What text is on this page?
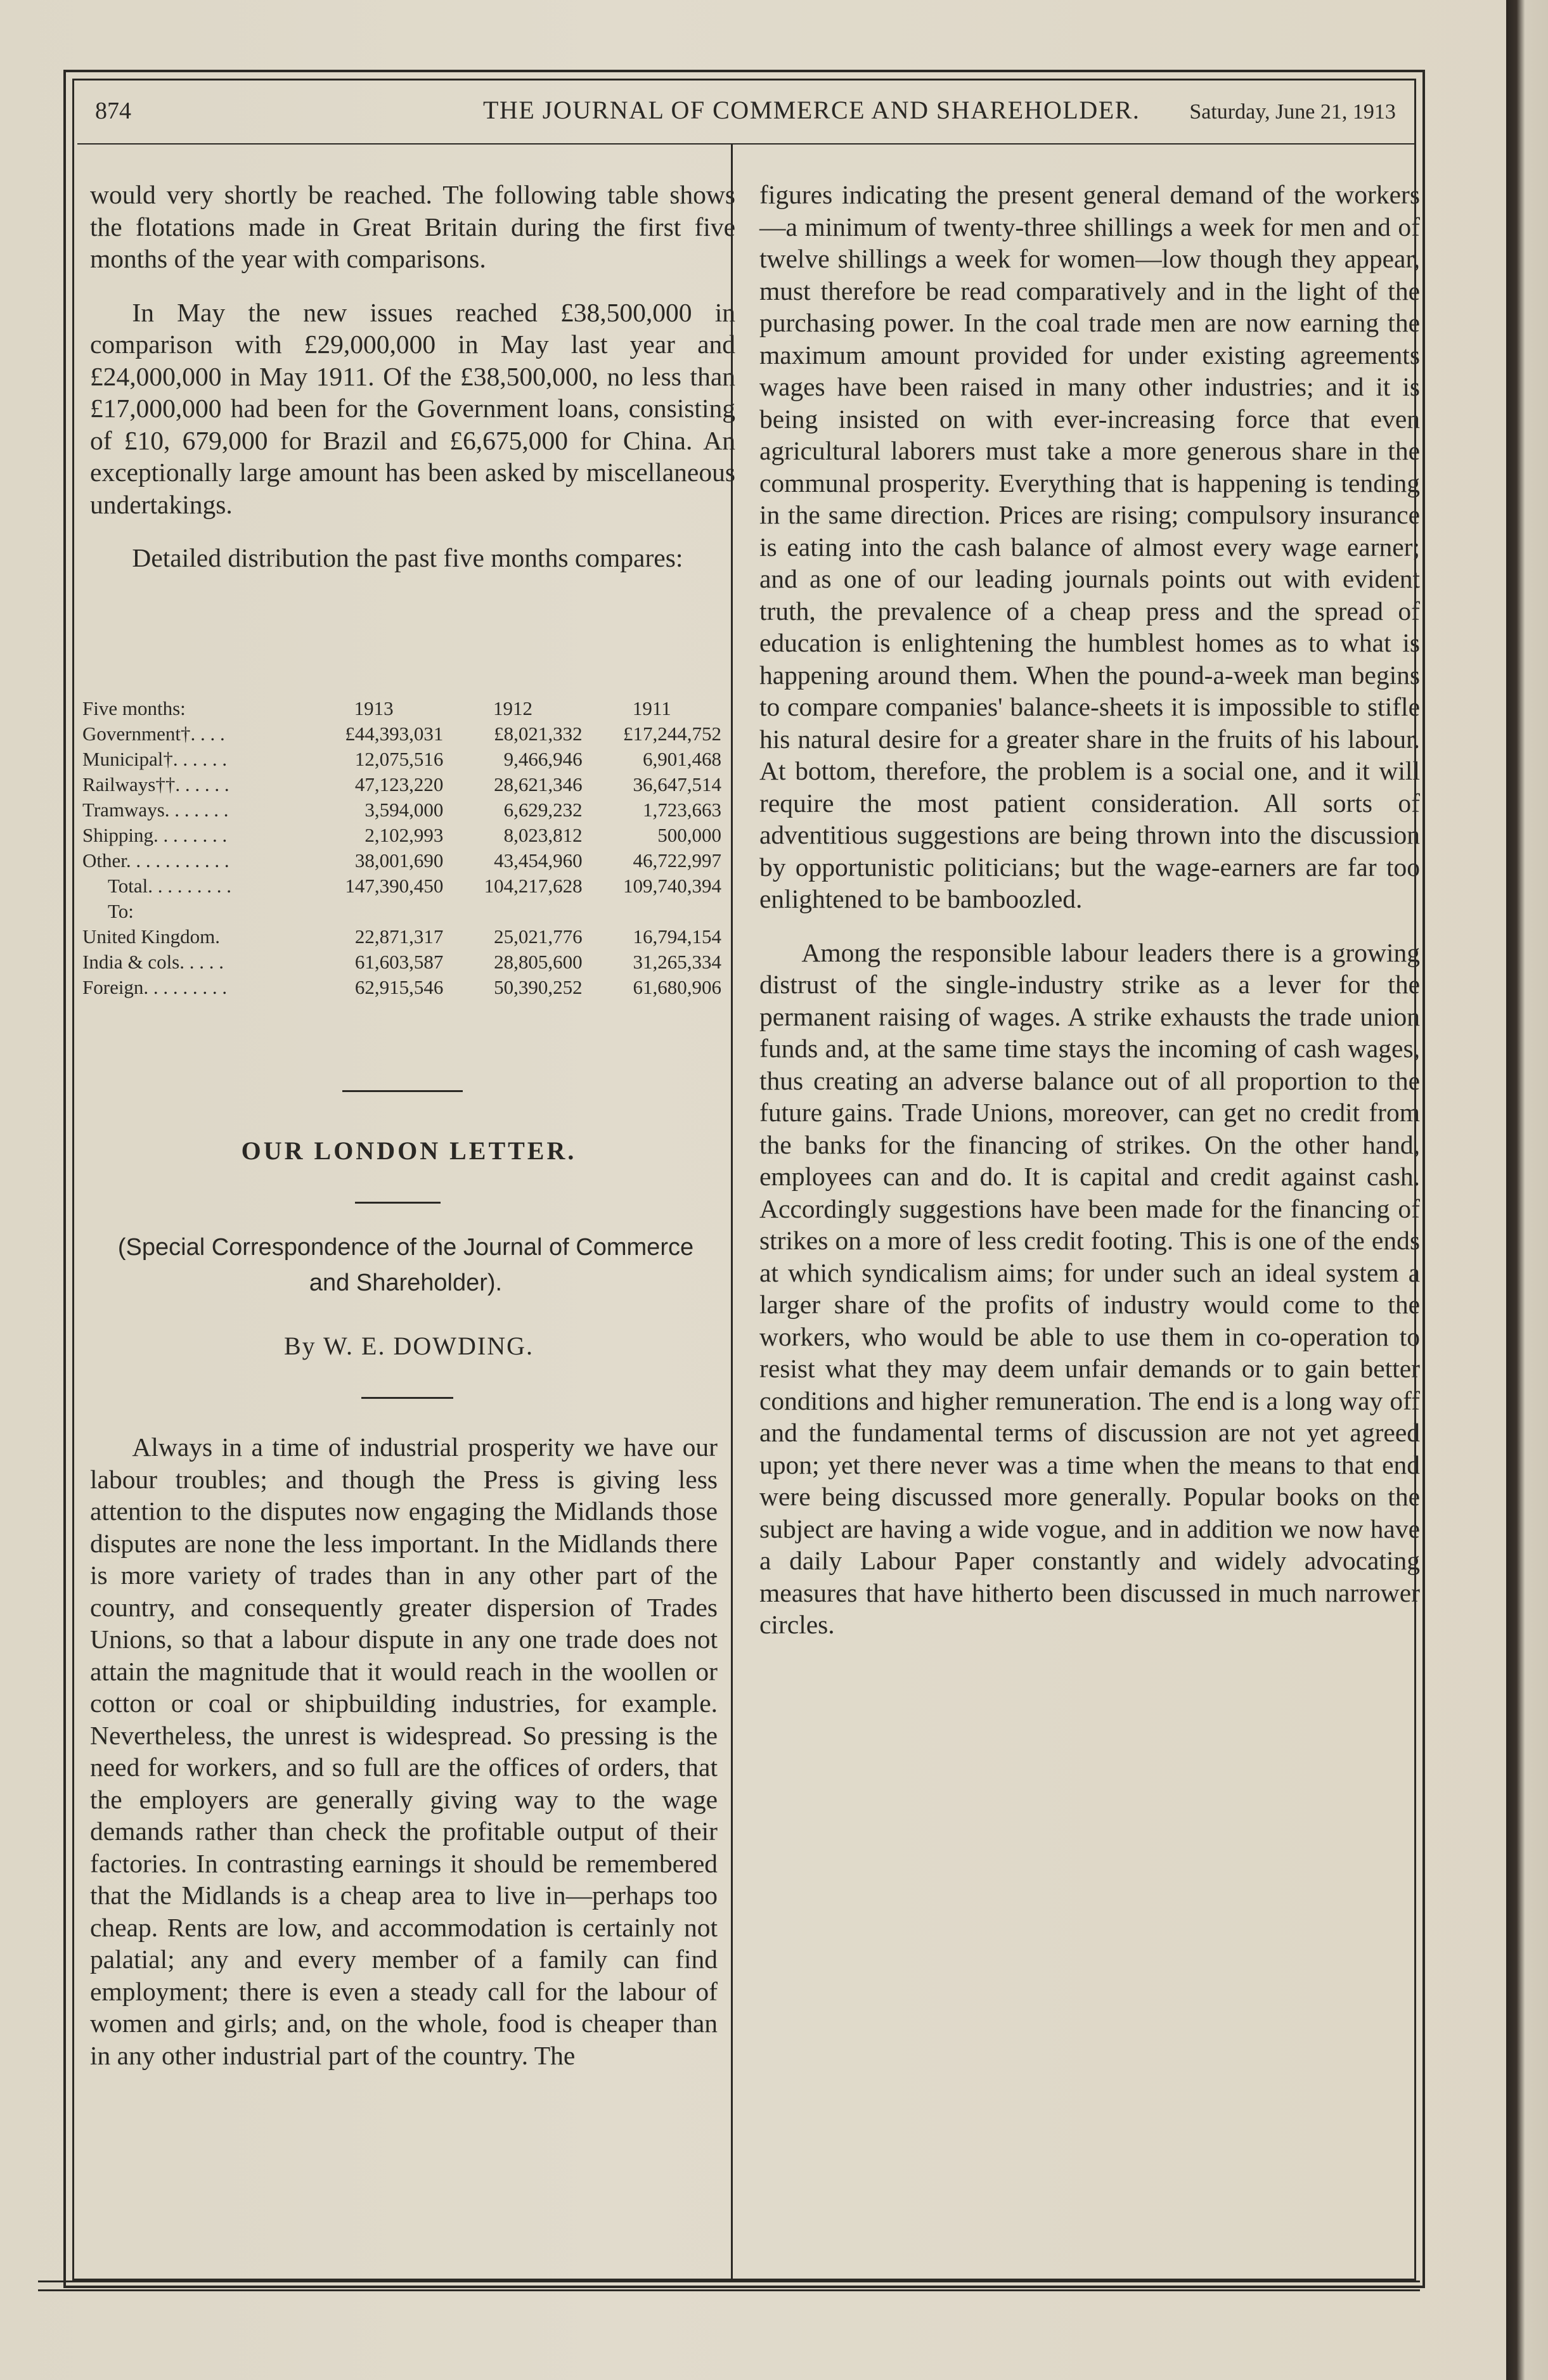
874	THE JOURNAL OF COMMERCE AND SHAREHOLDER. Saturday, June 21, 1913

would very shortly be reached. The following table shows the flotations made in Great Britain during the first five months of the year with comparisons.

In May the new issues reached £38,500,000 in comparison with £29,000,000 in May last year and £24,000,000 in May 1911. Of the £38,500,000, no less than £17,000,000 had been for the Government loans, consisting of £10, 679,000 for Brazil and £6,675,000 for China. An exceptionally large amount has been asked by miscellaneous undertakings.

Detailed distribution the past five months compares:

Five months:	1913	1912	1911
Government†. . . .	£44,393,031	£8,021,332	£17,244,752
Municipal†. . . . . .	12,075,516	9,466,946	6,901,468
Railways††. . . . . .	47,123,220	28,621,346	36,647,514
Tramways. . . . . . .	3,594,000	6,629,232	1,723,663
Shipping. . . . . . . .	2,102,993	8,023,812	500,000
Other. . . . . . . . . . .	38,001,690	43,454,960	46,722,997
Total. . . . . . . . .	147,390,450	104,217,628	109,740,394
To:			
United Kingdom.	22,871,317	25,021,776	16,794,154
India & cols. . . . .	61,603,587	28,805,600	31,265,334
Foreign. . . . . . . . .	62,915,546	50,390,252	61,680,906
OUR LONDON LETTER.
(Special Correspondence of the Journal of Commerce
and Shareholder).
By W. E. DOWDING.

Always in a time of industrial prosperity we have our labour troubles; and though the Press is giving less attention to the disputes now engaging the Midlands those disputes are none the less important. In the Midlands there is more variety of trades than in any other part of the country, and consequently greater dispersion of Trades Unions, so that a labour dispute in any one trade does not attain the magnitude that it would reach in the woollen or cotton or coal or shipbuilding industries, for example. Nevertheless, the unrest is widespread. So pressing is the need for workers, and so full are the offices of orders, that the employers are generally giving way to the wage demands rather than check the profitable output of their factories. In contrasting earnings it should be remembered that the Midlands is a cheap area to live in—perhaps too cheap. Rents are low, and accommodation is certainly not palatial; any and every member of a family can find employment; there is even a steady call for the labour of women and girls; and, on the whole, food is cheaper than in any other industrial part of the country. The

figures indicating the present general demand of the workers—a minimum of twenty-three shillings a week for men and of twelve shillings a week for women—low though they appear, must therefore be read comparatively and in the light of the purchasing power. In the coal trade men are now earning the maximum amount provided for under existing agreements wages have been raised in many other industries; and it is being insisted on with ever-increasing force that even agricultural laborers must take a more generous share in the communal prosperity. Everything that is happening is tending in the same direction. Prices are rising; compulsory insurance is eating into the cash balance of almost every wage earner; and as one of our leading journals points out with evident truth, the prevalence of a cheap press and the spread of education is enlightening the humblest homes as to what is happening around them. When the pound-a-week man begins to compare companies' balance-sheets it is impossible to stifle his natural desire for a greater share in the fruits of his labour. At bottom, therefore, the problem is a social one, and it will require the most patient consideration. All sorts of adventitious suggestions are being thrown into the discussion by opportunistic politicians; but the wage-earners are far too enlightened to be bamboozled.

Among the responsible labour leaders there is a growing distrust of the single-industry strike as a lever for the permanent raising of wages. A strike exhausts the trade union funds and, at the same time stays the incoming of cash wages, thus creating an adverse balance out of all proportion to the future gains. Trade Unions, moreover, can get no credit from the banks for the financing of strikes. On the other hand, employees can and do. It is capital and credit against cash. Accordingly suggestions have been made for the financing of strikes on a more of less credit footing. This is one of the ends at which syndicalism aims; for under such an ideal system a larger share of the profits of industry would come to the workers, who would be able to use them in co-operation to resist what they may deem unfair demands or to gain better conditions and higher remuneration. The end is a long way off and the fundamental terms of discussion are not yet agreed upon; yet there never was a time when the means to that end were being discussed more generally. Popular books on the subject are having a wide vogue, and in addition we now have a daily Labour Paper constantly and widely advocating measures that have hitherto been discussed in much narrower circles.
